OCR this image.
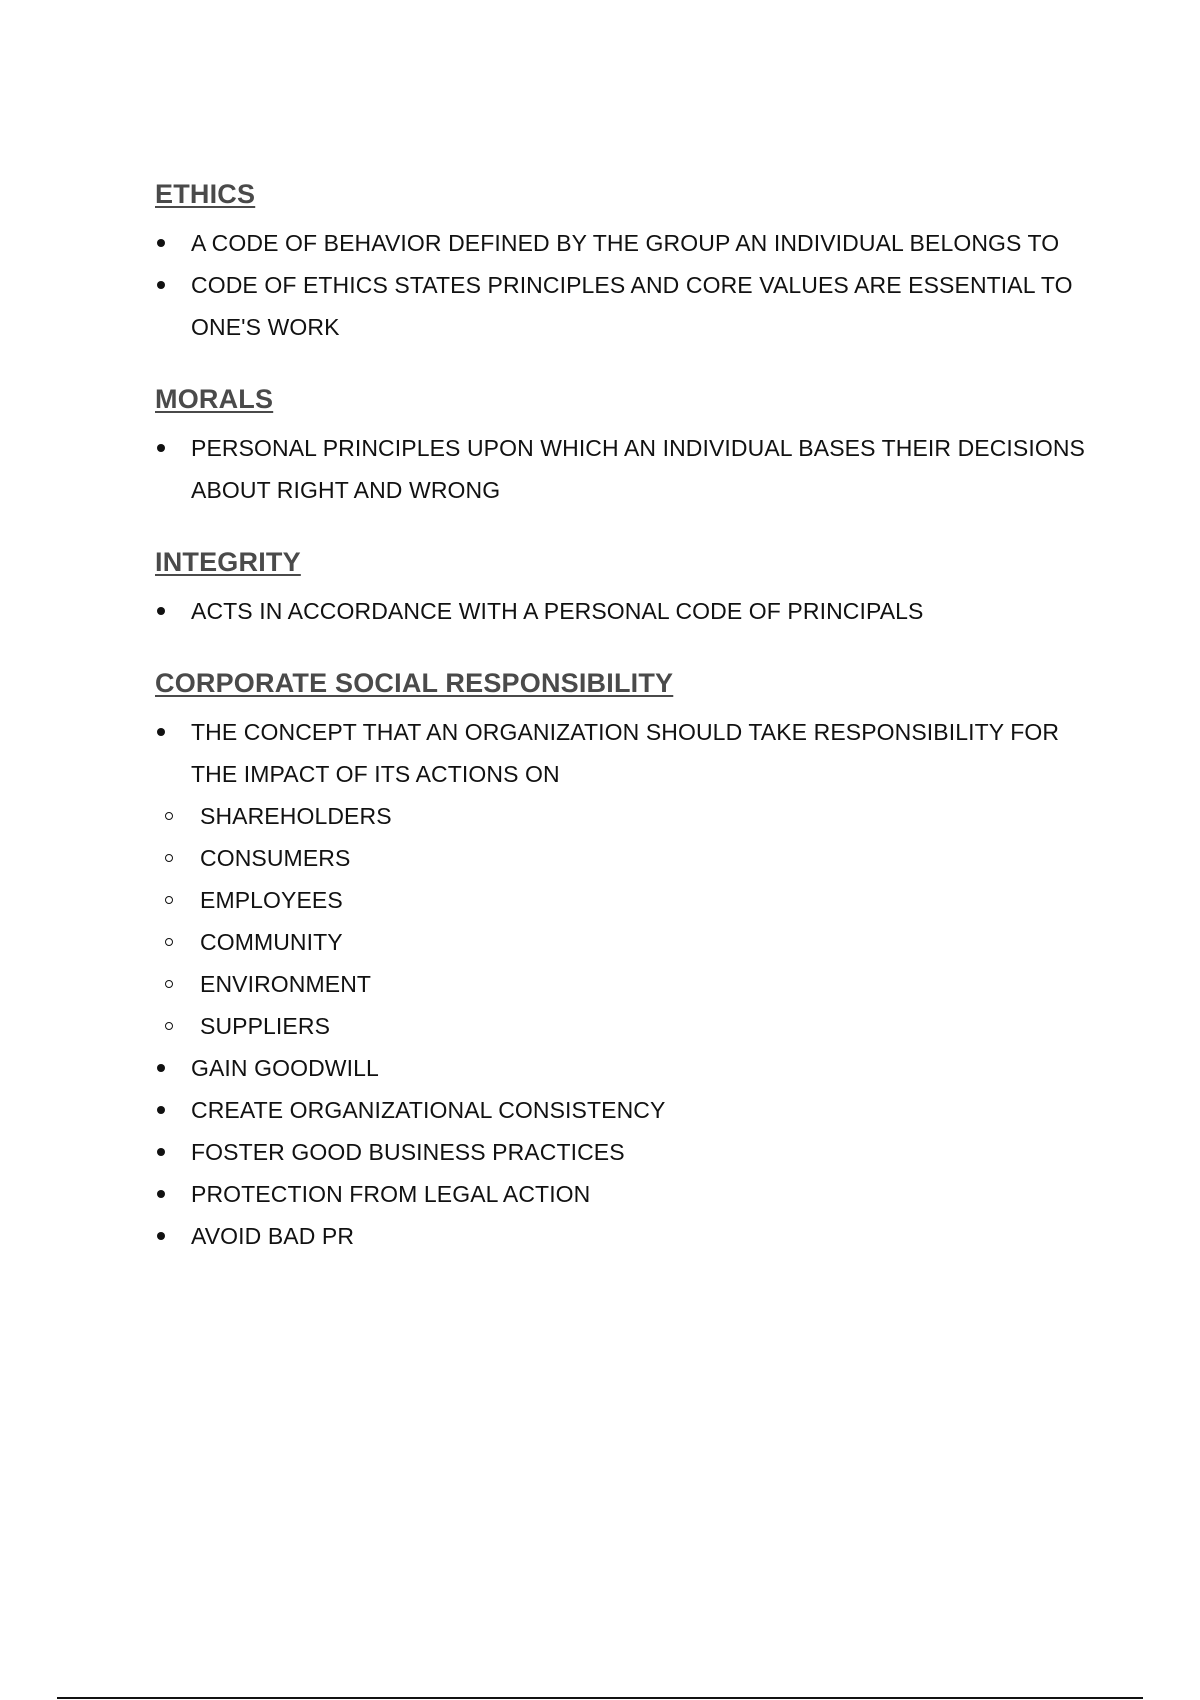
ETHICS
A CODE OF BEHAVIOR DEFINED BY THE GROUP AN INDIVIDUAL BELONGS TO
CODE OF ETHICS STATES PRINCIPLES AND CORE VALUES ARE ESSENTIAL TO ONE'S WORK
MORALS
PERSONAL PRINCIPLES UPON WHICH AN INDIVIDUAL BASES THEIR DECISIONS ABOUT RIGHT AND WRONG
INTEGRITY
ACTS IN ACCORDANCE WITH A PERSONAL CODE OF PRINCIPALS
CORPORATE SOCIAL RESPONSIBILITY
THE CONCEPT THAT AN ORGANIZATION SHOULD TAKE RESPONSIBILITY FOR THE IMPACT OF ITS ACTIONS ON
SHAREHOLDERS
CONSUMERS
EMPLOYEES
COMMUNITY
ENVIRONMENT
SUPPLIERS
GAIN GOODWILL
CREATE ORGANIZATIONAL CONSISTENCY
FOSTER GOOD BUSINESS PRACTICES
PROTECTION FROM LEGAL ACTION
AVOID BAD PR
